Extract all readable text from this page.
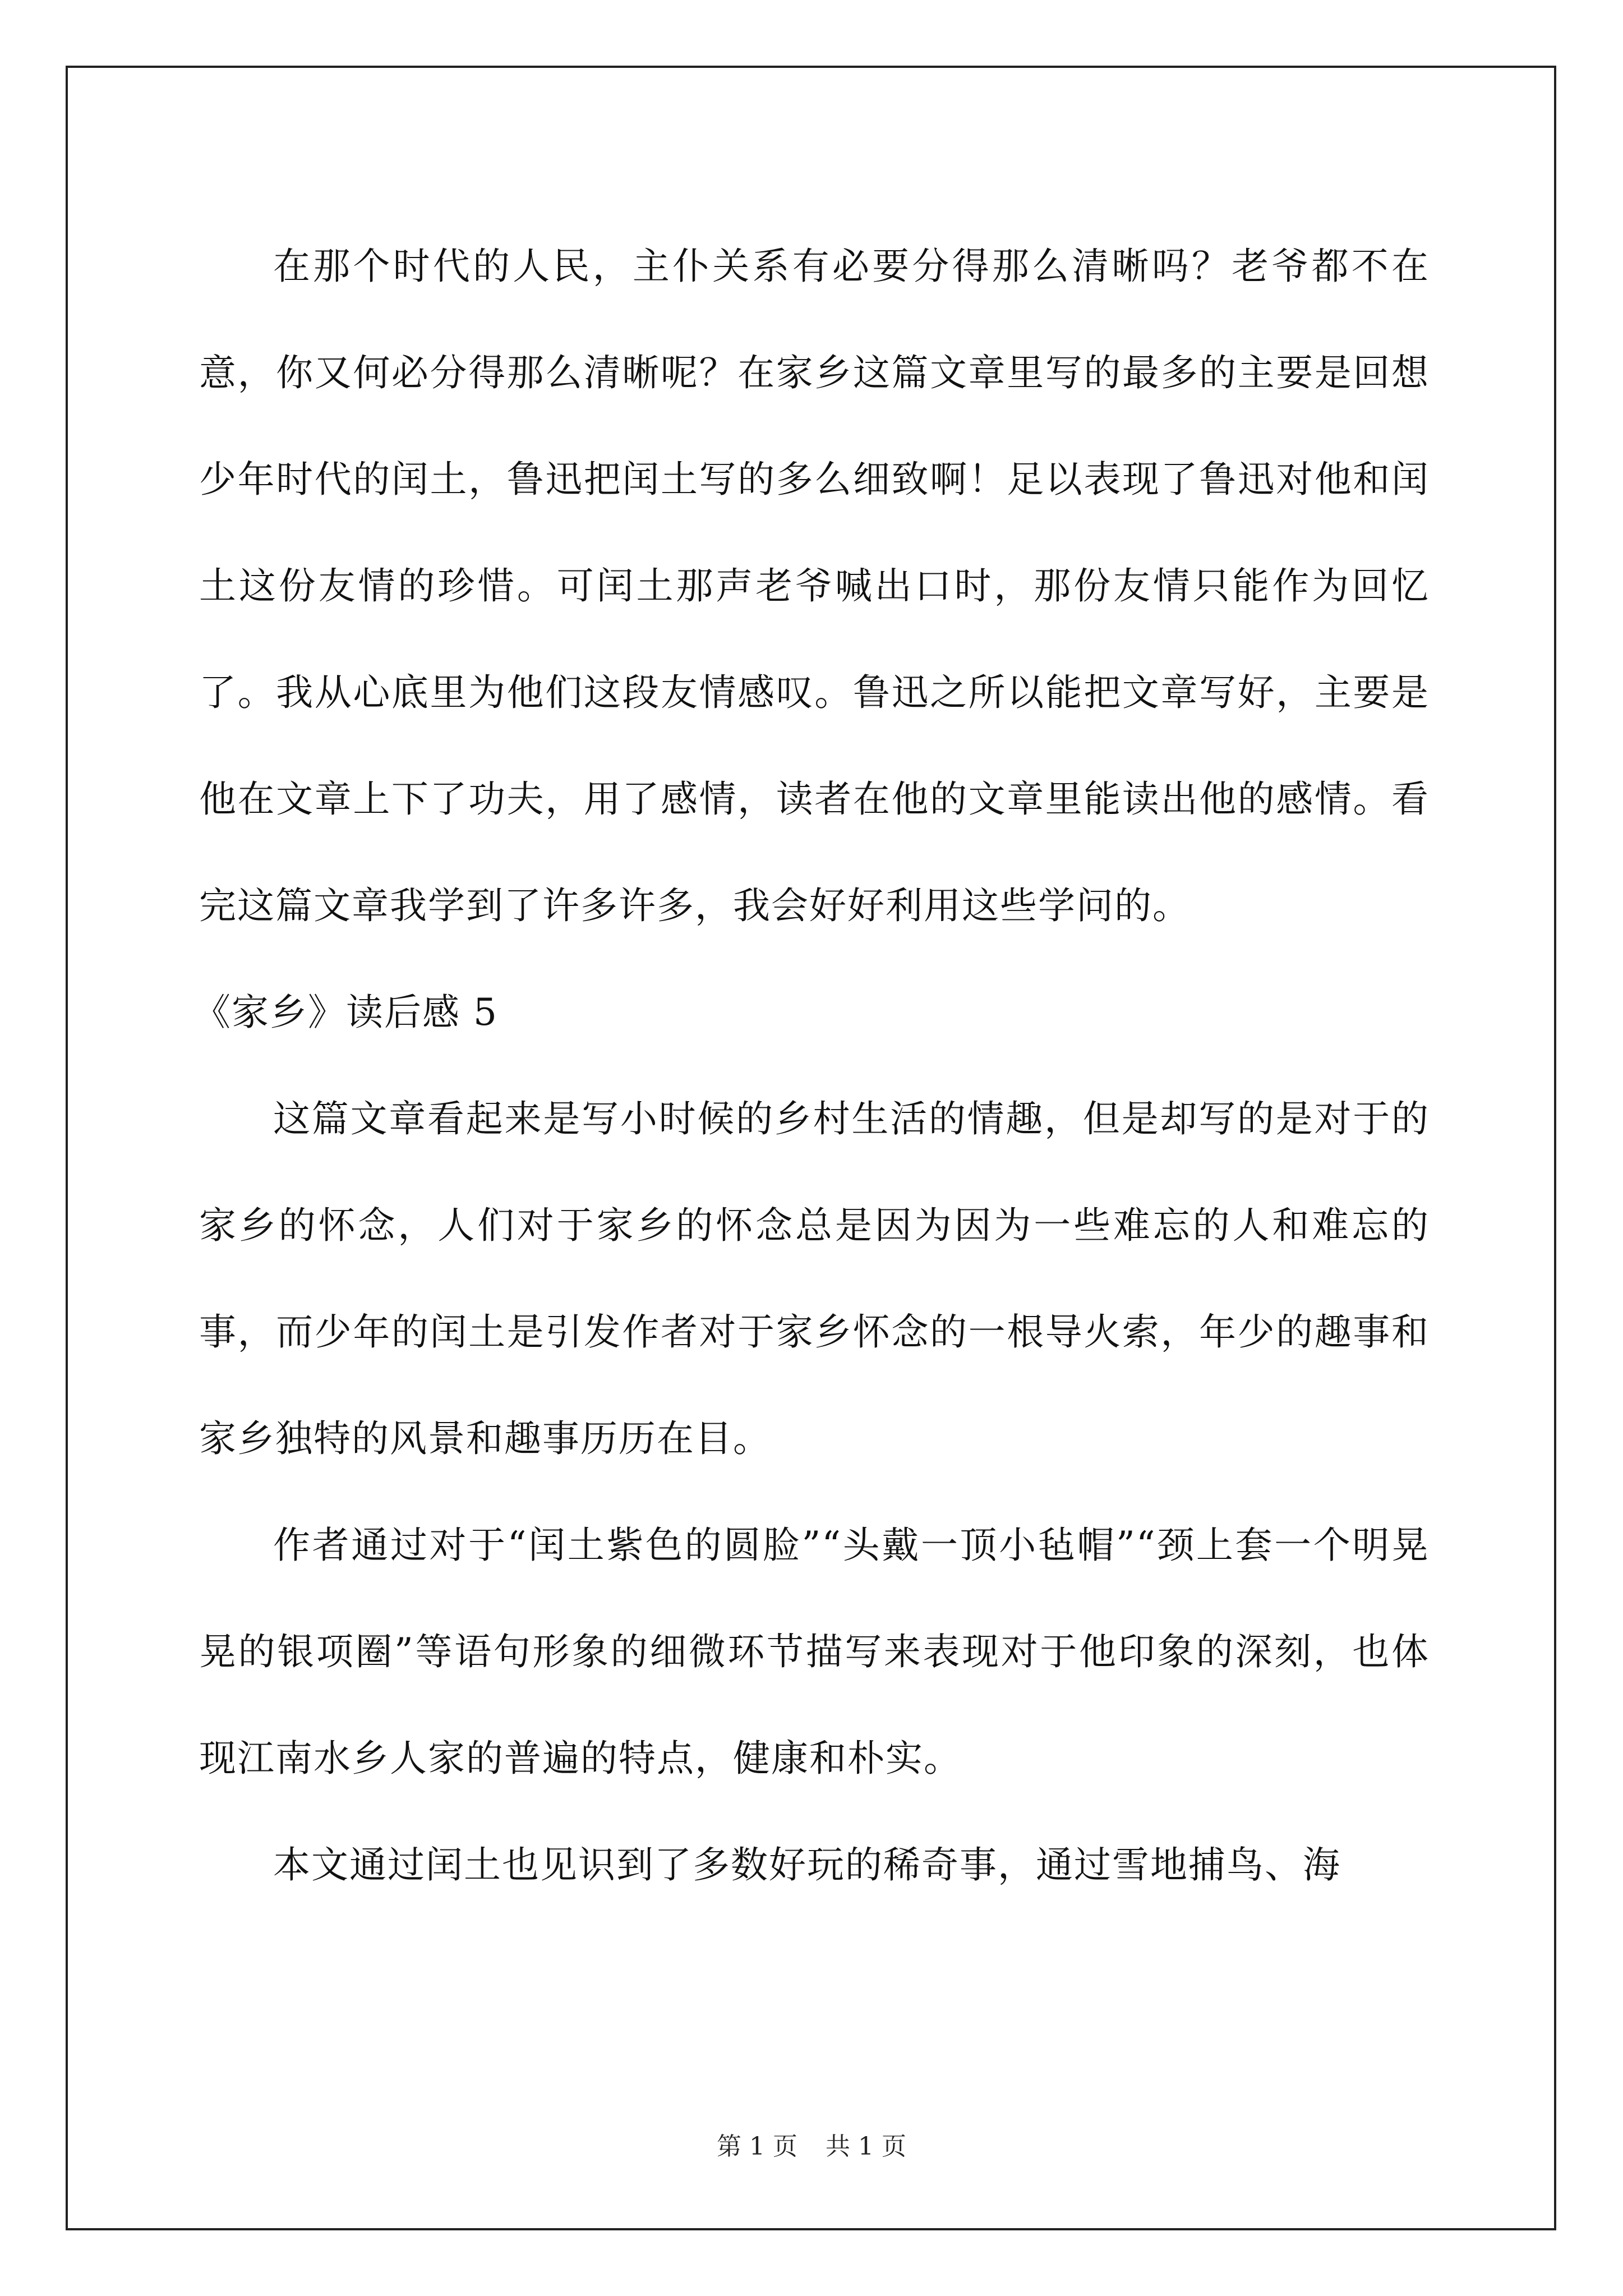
在那个时代的人民，主仆关系有必要分得那么清晰吗？老爷都不在意，你又何必分得那么清晰呢？在家乡这篇文章里写的最多的主要是回想少年时代的闰土，鲁迅把闰土写的多么细致啊！足以表现了鲁迅对他和闰土这份友情的珍惜。可闰土那声老爷喊出口时，那份友情只能作为回忆了。我从心底里为他们这段友情感叹。鲁迅之所以能把文章写好，主要是他在文章上下了功夫，用了感情，读者在他的文章里能读出他的感情。看完这篇文章我学到了许多许多，我会好好利用这些学问的。

《家乡》读后感 5

这篇文章看起来是写小时候的乡村生活的情趣，但是却写的是对于的家乡的怀念，人们对于家乡的怀念总是因为因为一些难忘的人和难忘的事，而少年的闰土是引发作者对于家乡怀念的一根导火索，年少的趣事和家乡独特的风景和趣事历历在目。

作者通过对于“闰土紫色的圆脸”“头戴一顶小毡帽”“颈上套一个明晃晃的银项圈”等语句形象的细微环节描写来表现对于他印象的深刻，也体现江南水乡人家的普遍的特点，健康和朴实。

本文通过闰土也见识到了多数好玩的稀奇事，通过雪地捕鸟、海

第 1 页 共 1 页
